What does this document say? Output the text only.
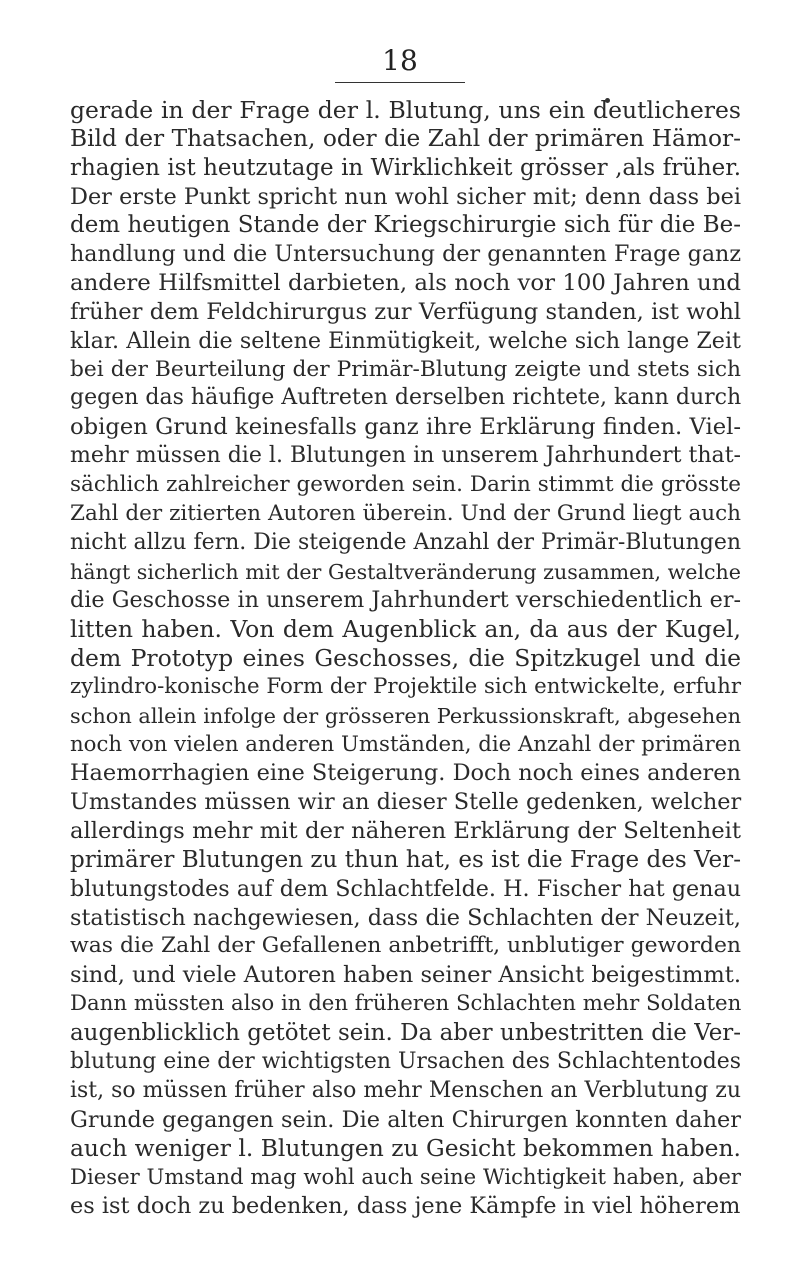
18
gerade in der Frage der l. Blutung, uns ein deutlicheres
Bild der Thatsachen, oder die Zahl der primären Hämor-
rhagien ist heutzutage in Wirklichkeit grösser ‚als früher.
Der erste Punkt spricht nun wohl sicher mit; denn dass bei
dem heutigen Stande der Kriegschirurgie sich für die Be-
handlung und die Untersuchung der genannten Frage ganz
andere Hilfsmittel darbieten, als noch vor 100 Jahren und
früher dem Feldchirurgus zur Verfügung standen, ist wohl
klar. Allein die seltene Einmütigkeit, welche sich lange Zeit
bei der Beurteilung der Primär-Blutung zeigte und stets sich
gegen das häufige Auftreten derselben richtete, kann durch
obigen Grund keinesfalls ganz ihre Erklärung finden. Viel-
mehr müssen die l. Blutungen in unserem Jahrhundert that-
sächlich zahlreicher geworden sein. Darin stimmt die grösste
Zahl der zitierten Autoren überein. Und der Grund liegt auch
nicht allzu fern. Die steigende Anzahl der Primär-Blutungen
hängt sicherlich mit der Gestaltveränderung zusammen, welche
die Geschosse in unserem Jahrhundert verschiedentlich er-
litten haben. Von dem Augenblick an, da aus der Kugel,
dem Prototyp eines Geschosses, die Spitzkugel und die
zylindro-konische Form der Projektile sich entwickelte, erfuhr
schon allein infolge der grösseren Perkussionskraft, abgesehen
noch von vielen anderen Umständen, die Anzahl der primären
Haemorrhagien eine Steigerung. Doch noch eines anderen
Umstandes müssen wir an dieser Stelle gedenken, welcher
allerdings mehr mit der näheren Erklärung der Seltenheit
primärer Blutungen zu thun hat, es ist die Frage des Ver-
blutungstodes auf dem Schlachtfelde. H. Fischer hat genau
statistisch nachgewiesen, dass die Schlachten der Neuzeit,
was die Zahl der Gefallenen anbetrifft, unblutiger geworden
sind, und viele Autoren haben seiner Ansicht beigestimmt.
Dann müssten also in den früheren Schlachten mehr Soldaten
augenblicklich getötet sein. Da aber unbestritten die Ver-
blutung eine der wichtigsten Ursachen des Schlachtentodes
ist, so müssen früher also mehr Menschen an Verblutung zu
Grunde gegangen sein. Die alten Chirurgen konnten daher
auch weniger l. Blutungen zu Gesicht bekommen haben.
Dieser Umstand mag wohl auch seine Wichtigkeit haben, aber
es ist doch zu bedenken, dass jene Kämpfe in viel höherem
